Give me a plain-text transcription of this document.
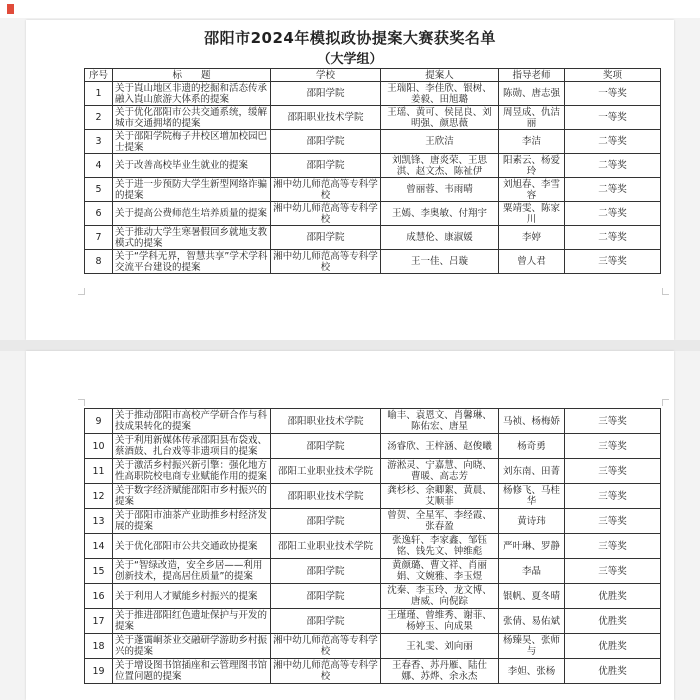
邵阳市2024年模拟政协提案大赛获奖名单
（大学组）
序号	标　　题	学校	提案人	指导老师	奖项
1	关于崀山地区非遗的挖掘和活态传承融入崀山旅游大体系的提案	邵阳学院	王瑞阳、李佳欣、银树、姜毅、田旭璐	陈勋、唐志强	一等奖
2	关于优化邵阳市公共交通系统，缓解城市交通拥堵的提案	邵阳职业技术学院	王瑶、黄可、侯昆良、刘明强、颜思薇	周昱成、仇洁丽	一等奖
3	关于邵阳学院梅子井校区增加校园巴士提案	邵阳学院	王欣洁	李洁	二等奖
4	关于改善高校毕业生就业的提案	邵阳学院	刘凯锋、唐炎荣、王思淇、赵文杰、陈祉伊	阳素云、杨爱玲	二等奖
5	关于进一步预防大学生新型网络诈骗的提案	湘中幼儿师范高等专科学校	曾丽蓉、韦雨晴	刘旭春、李雪容	二等奖
6	关于提高公费师范生培养质量的提案	湘中幼儿师范高等专科学校	王嫣、李奥敏、付翔宇	粟靖雯、陈家川	二等奖
7	关于推动大学生寒暑假回乡就地支教模式的提案	邵阳学院	成慧伦、康淑媛	李婷	二等奖
8	关于“学科无界，智慧共享”学术学科交流平台建设的提案	湘中幼儿师范高等专科学校	王一佳、吕璇	曾人君	三等奖
9	关于推动邵阳市高校产学研合作与科技成果转化的提案	邵阳职业技术学院	喻丰、袁恩文、肖馨琳、陈佑宏、唐星	马祯、杨梅娇	三等奖
10	关于利用新媒体传承邵阳县布袋戏、蔡酒鼓、扎台戏等非遗项目的提案	邵阳学院	汤睿欣、王梓涵、赵俊曦	杨奇勇	三等奖
11	关于激活乡村振兴新引擎：强化地方性高职院校电商专业赋能作用的提案	邵阳工业职业技术学院	游淞灵、宁嘉慧、向晓、曹暖、高志芳	刘东南、田菁	三等奖
12	关于数字经济赋能邵阳市乡村振兴的提案	邵阳职业技术学院	龚杉杉、余卿絮、黄晨、艾顺菲	杨修飞、马桂华	三等奖
13	关于邵阳市油茶产业助推乡村经济发展的提案	邵阳学院	曾贺、全星军、李经霞、张春盈	黄诗玮	三等奖
14	关于优化邵阳市公共交通政协提案	邵阳工业职业技术学院	张逸轩、李家鑫、邹钰铭、钱先文、钟维彪	严叶琳、罗静	三等奖
15	关于“智绿改造，安全乡居——利用创新技术，提高居住质量”的提案	邵阳学院	黄颜璐、曹文祥、肖丽娟、文婉雅、李玉煜	李晶	三等奖
16	关于利用人才赋能乡村振兴的提案	邵阳学院	沈秦、李玉玲、龙文博、唐威、向倪踪	银帆、夏冬晴	优胜奖
17	关于推进邵阳红色遗址保护与开发的提案	邵阳学院	王瑾瑾、曾维秀、谢菲、杨婷玉、向成果	张倩、易佑斌	优胜奖
18	关于蓬霭峒茶业交融研学游助乡村振兴的提案	湘中幼儿师范高等专科学校	王礼雯、刘向丽	杨臻昊、张师与	优胜奖
19	关于增设图书馆插座和云管理图书馆位置问题的提案	湘中幼儿师范高等专科学校	王春香、苏丹雁、陆仕娜、苏烨、余永杰	李妲、张杨	优胜奖
